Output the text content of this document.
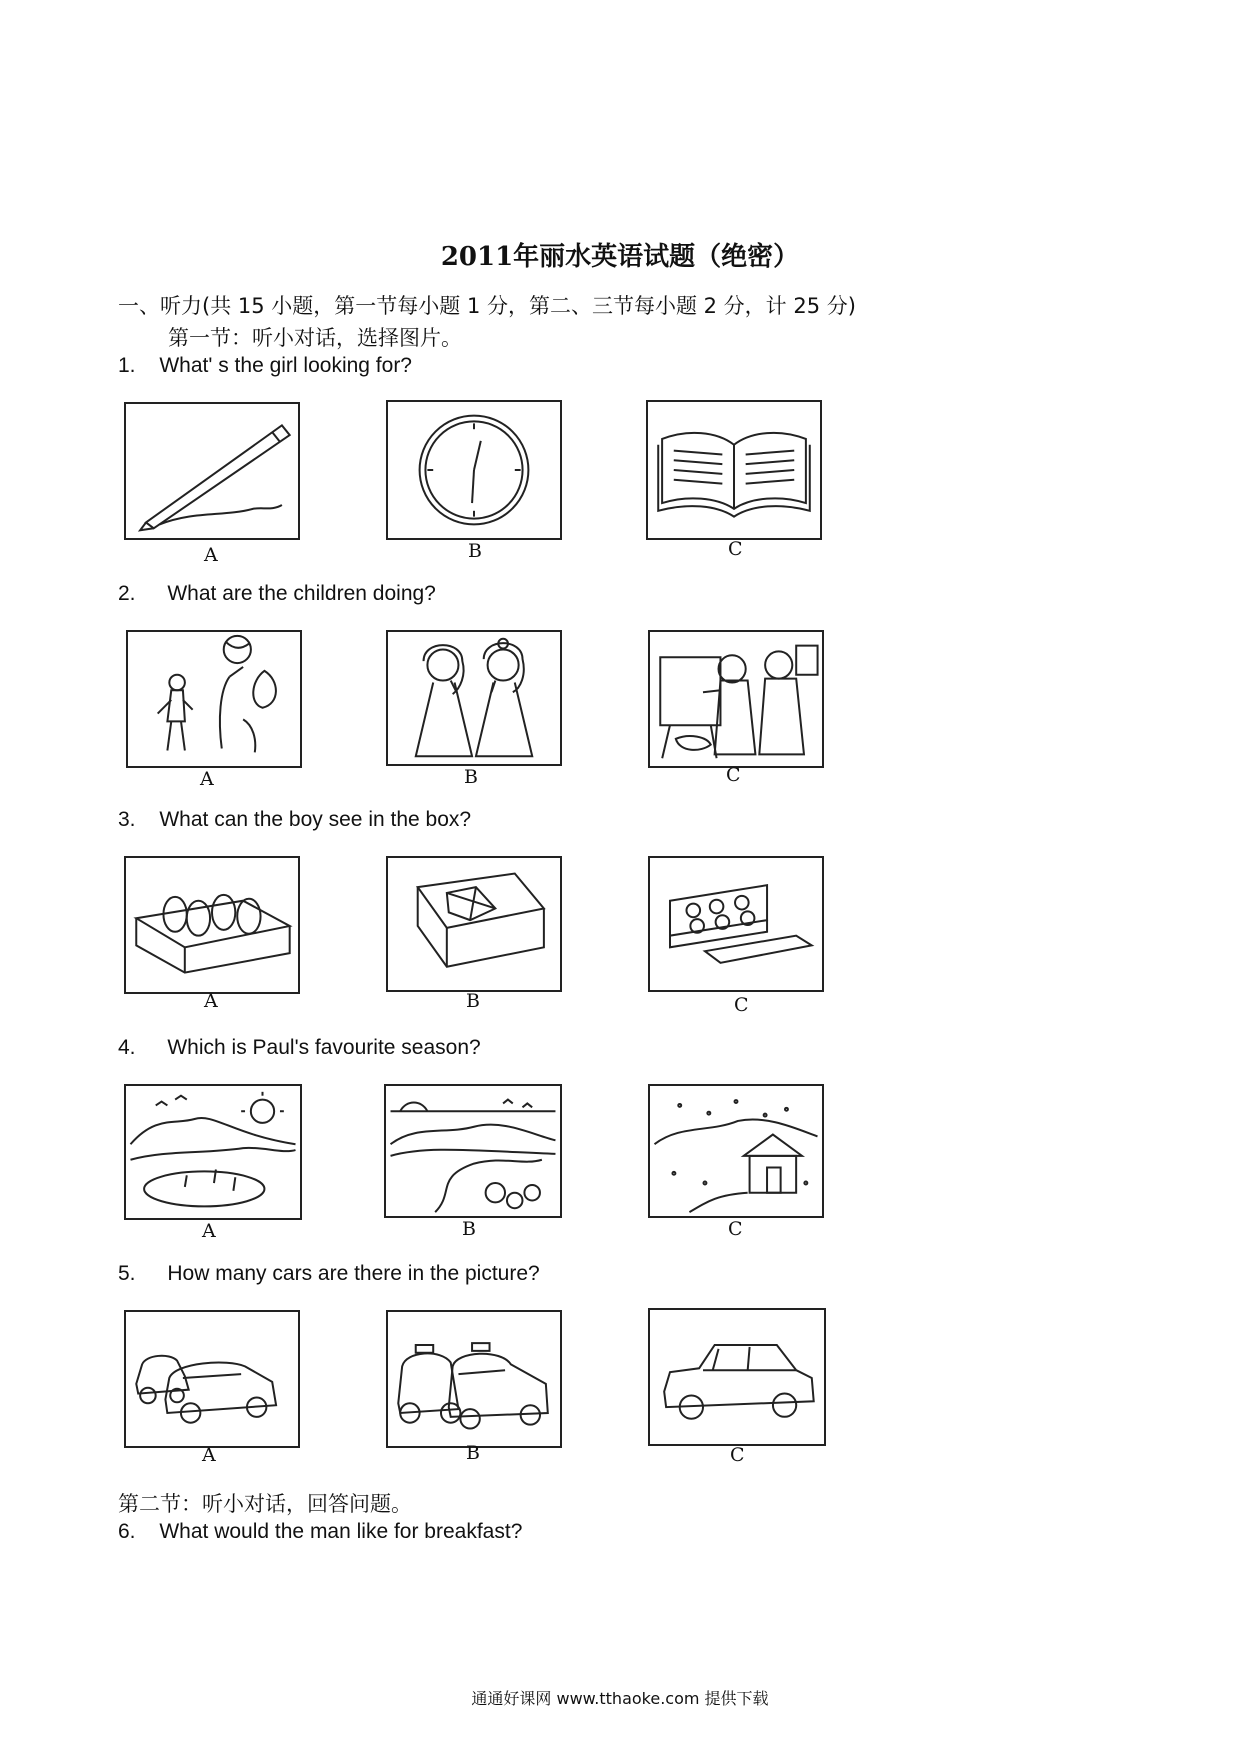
2011年丽水英语试题（绝密）
一、听力(共 15 小题，第一节每小题 1 分，第二、三节每小题 2 分，计 25 分)
第一节：听小对话，选择图片。
1. What' s the girl looking for?
A	B	C
2. What are the children doing?
A	B	C
3. What can the boy see in the box?
A	B	C
4. Which is Paul's favourite season?
A	B	C
5. How many cars are there in the picture?
A	B	C
第二节：听小对话，回答问题。
6. What would the man like for breakfast?
通通好课网 www.tthaoke.com 提供下载
